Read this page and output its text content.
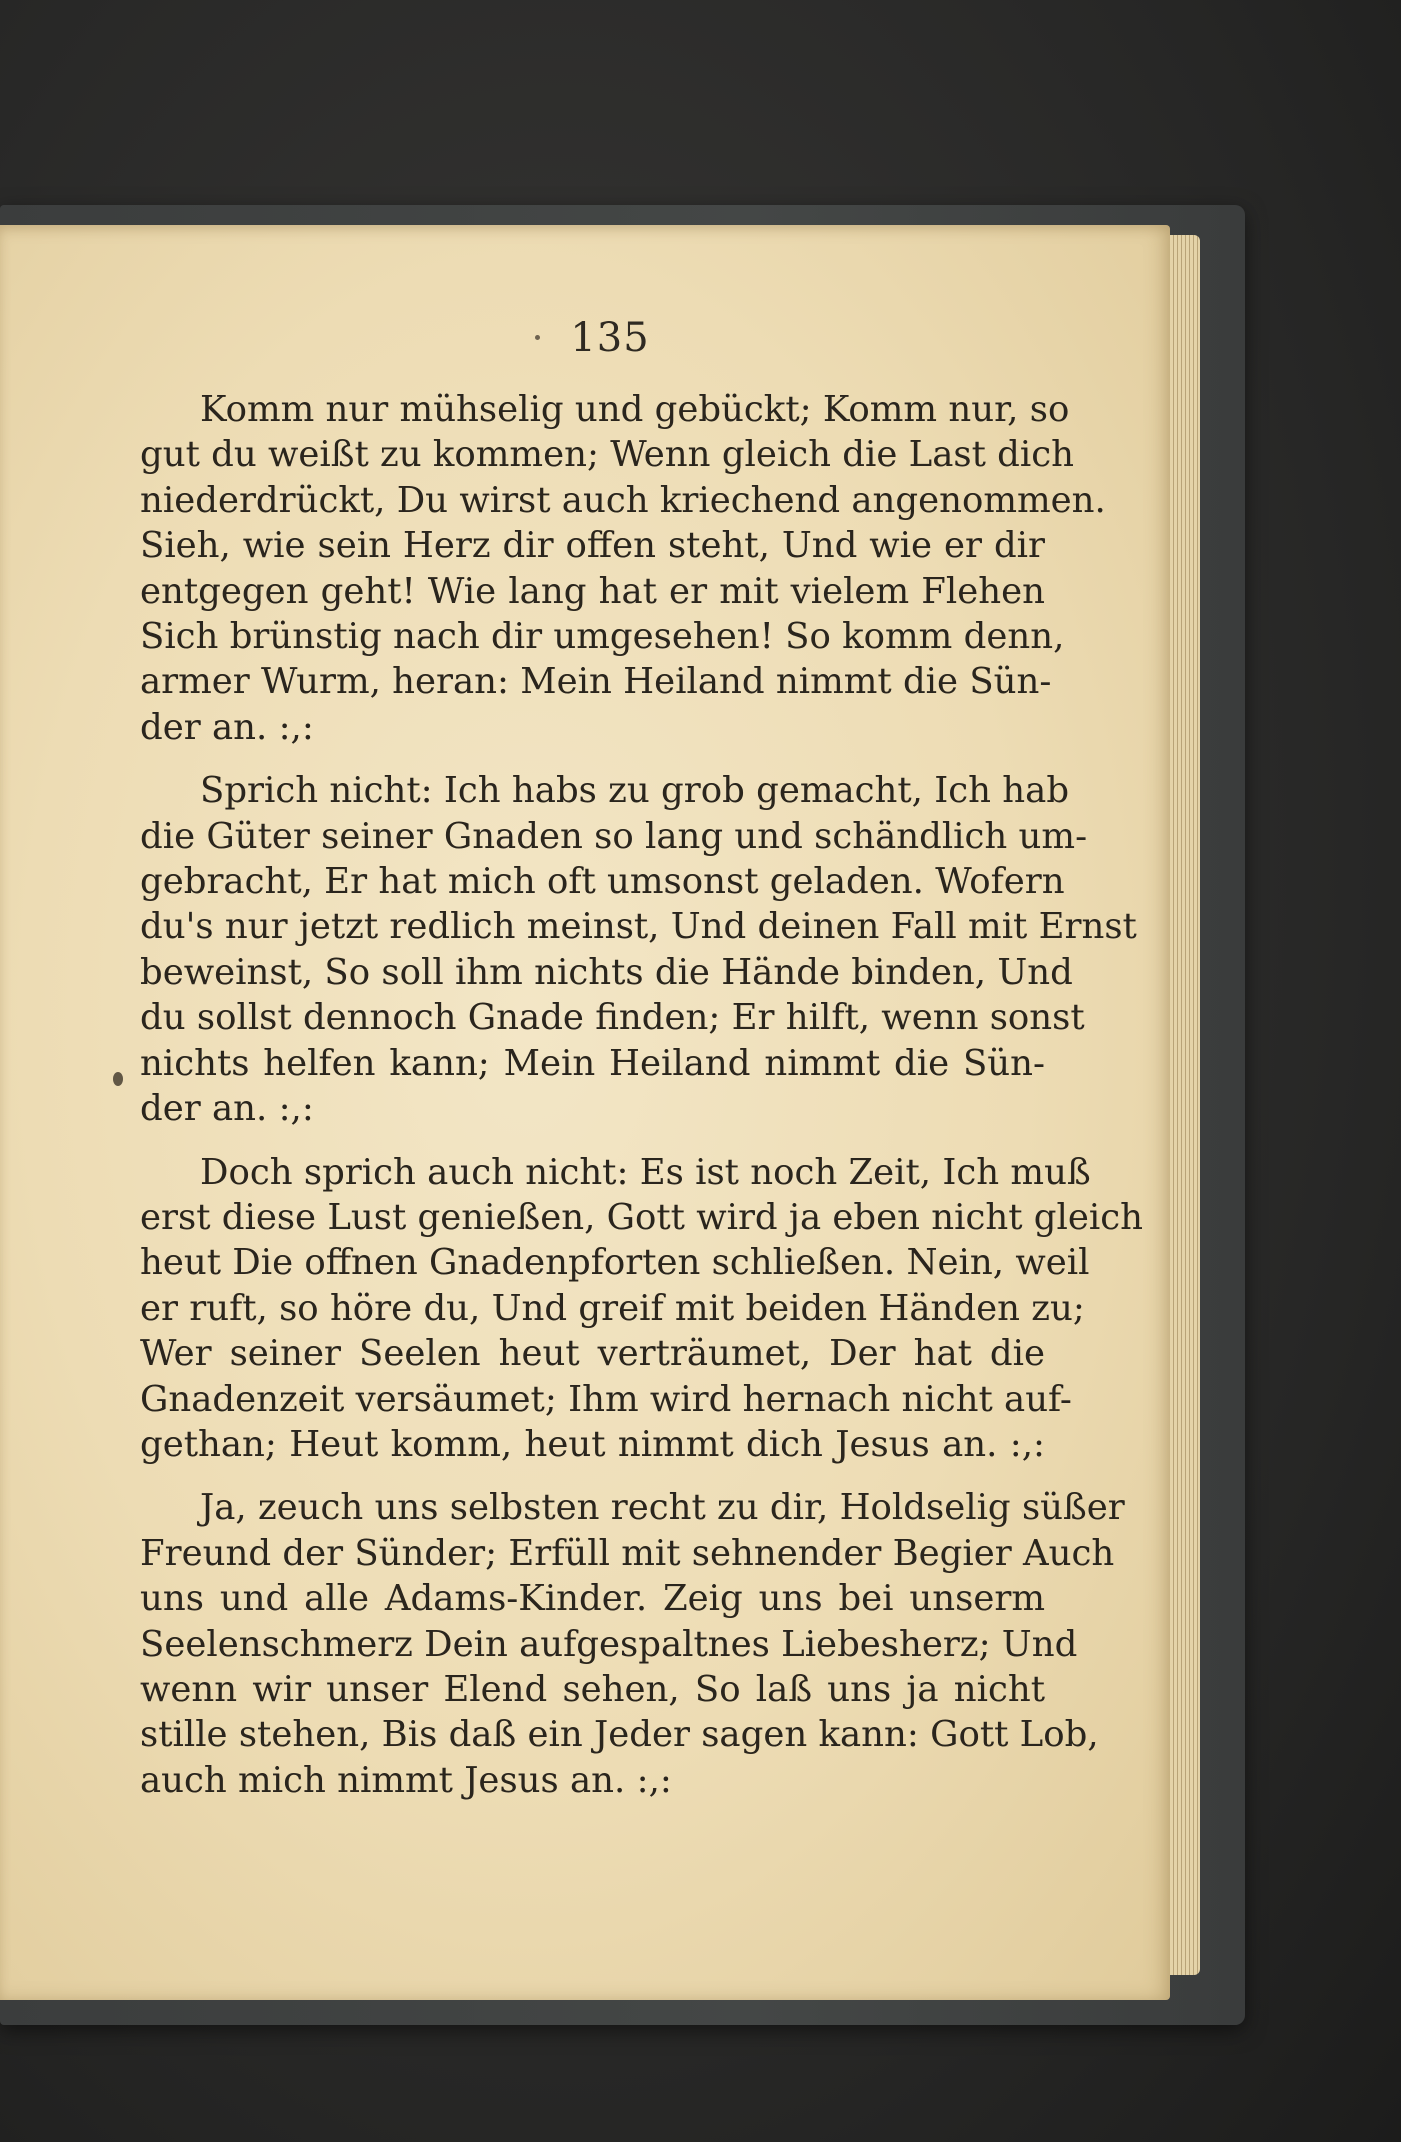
135
Komm nur mühselig und gebückt; Komm nur, so
gut du weißt zu kommen; Wenn gleich die Last dich
niederdrückt, Du wirst auch kriechend angenommen.
Sieh, wie sein Herz dir offen steht, Und wie er dir
entgegen geht! Wie lang hat er mit vielem Flehen
Sich brünstig nach dir umgesehen! So komm denn,
armer Wurm, heran: Mein Heiland nimmt die Sün-
der an. :,:
Sprich nicht: Ich habs zu grob gemacht, Ich hab
die Güter seiner Gnaden so lang und schändlich um-
gebracht, Er hat mich oft umsonst geladen. Wofern
du's nur jetzt redlich meinst, Und deinen Fall mit Ernst
beweinst, So soll ihm nichts die Hände binden, Und
du sollst dennoch Gnade finden; Er hilft, wenn sonst
nichts helfen kann; Mein Heiland nimmt die Sün-
der an. :,:
Doch sprich auch nicht: Es ist noch Zeit, Ich muß
erst diese Lust genießen, Gott wird ja eben nicht gleich
heut Die offnen Gnadenpforten schließen. Nein, weil
er ruft, so höre du, Und greif mit beiden Händen zu;
Wer seiner Seelen heut verträumet, Der hat die
Gnadenzeit versäumet; Ihm wird hernach nicht auf-
gethan; Heut komm, heut nimmt dich Jesus an. :,:
Ja, zeuch uns selbsten recht zu dir, Holdselig süßer
Freund der Sünder; Erfüll mit sehnender Begier Auch
uns und alle Adams-Kinder. Zeig uns bei unserm
Seelenschmerz Dein aufgespaltnes Liebesherz; Und
wenn wir unser Elend sehen, So laß uns ja nicht
stille stehen, Bis daß ein Jeder sagen kann: Gott Lob,
auch mich nimmt Jesus an. :,:
